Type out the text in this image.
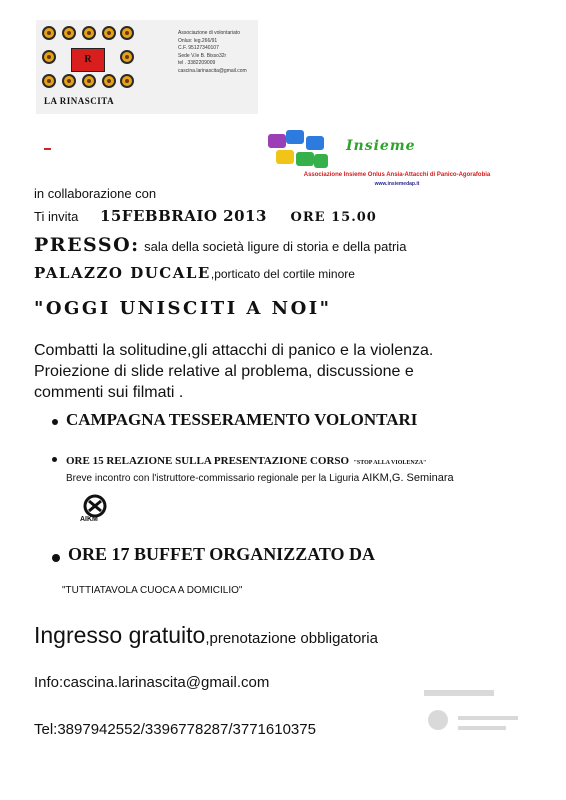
R
LA RINASCITA
Associazione di volontariato
Onlus: leg.266/91
C.F. 95127340107
Sede V.le B. Bisso32r
tel . 3382209009
cascina.larinascita@gmail.com
Insieme
Associazione Insieme Onlus Ansia-Attacchi di Panico-Agorafobia
www.insiemedap.it
in collaborazione con
Ti invita 15FEBBRAIO 2013 ORE 15.00
PRESSO: sala della società ligure di storia e della patria
PALAZZO DUCALE,porticato del cortile minore
"OGGI UNISCITI A NOI"
Combatti la solitudine,gli attacchi di panico e la violenza.
Proiezione di slide relative al problema, discussione e
commenti sui filmati .
CAMPAGNA TESSERAMENTO VOLONTARI
ORE 15 RELAZIONE SULLA PRESENTAZIONE CORSO "STOP ALLA VIOLENZA"
Breve incontro con l'istruttore-commissario regionale per la Liguria AIKM,G. Seminara
AIKM
ORE 17 BUFFET ORGANIZZATO DA
"TUTTIATAVOLA CUOCA A DOMICILIO"
Ingresso gratuito,prenotazione obbligatoria
Info:cascina.larinascita@gmail.com
Tel:3897942552/3396778287/3771610375
